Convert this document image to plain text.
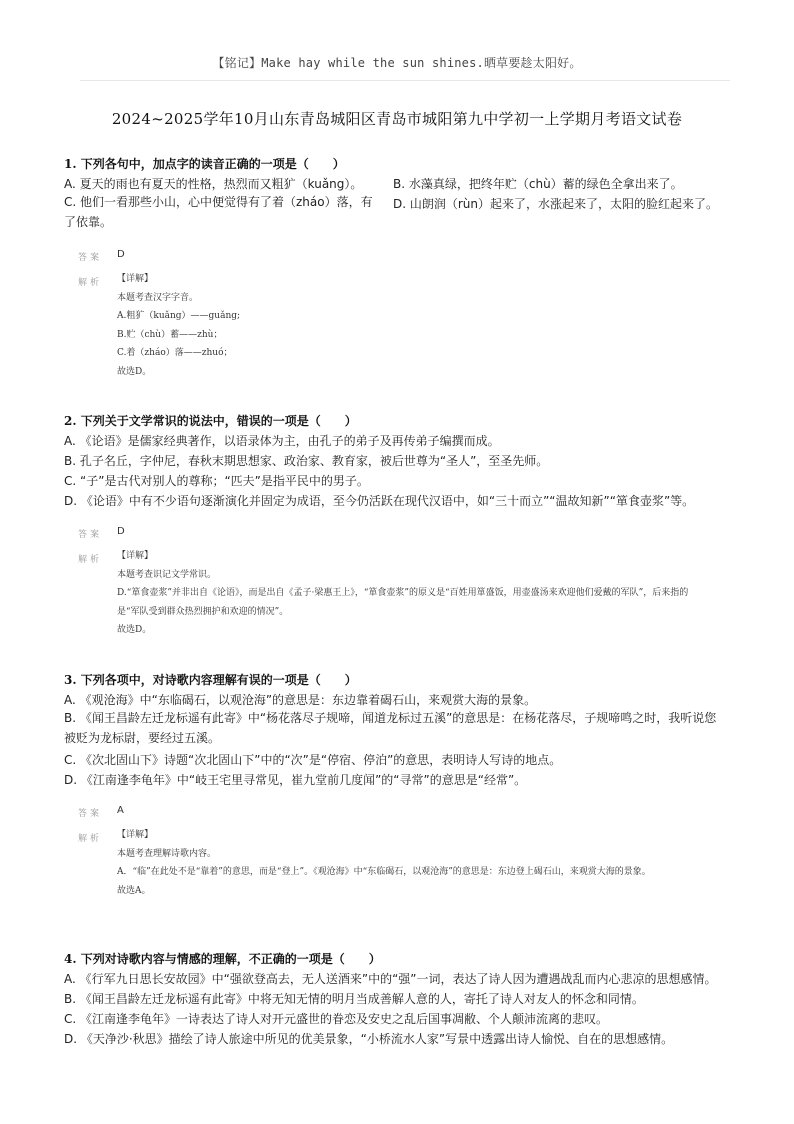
【铭记】Make hay while the sun shines.晒草要趁太阳好。
2024~2025学年10月山东青岛城阳区青岛市城阳第九中学初一上学期月考语文试卷
1. 下列各句中，加点字的读音正确的一项是（　　）
A. 夏天的雨也有夏天的性格，热烈而又粗犷（kuǎng）。	B. 水藻真绿，把终年贮（chù）蓄的绿色全拿出来了。
C. 他们一看那些小山，心中便觉得有了着（zháo）落，有了依靠。
D. 山朗润（rùn）起来了，水涨起来了，太阳的脸红起来了。
答案 D
解析 【详解】
本题考查汉字字音。
A.粗犷（kuǎng）——guǎng;
B.贮（chù）蓄——zhù；
C.着（zháo）落——zhuó；
故选D。
2. 下列关于文学常识的说法中，错误的一项是（　　）
A. 《论语》是儒家经典著作，以语录体为主，由孔子的弟子及再传弟子编撰而成。
B. 孔子名丘，字仲尼，春秋末期思想家、政治家、教育家，被后世尊为“圣人”，至圣先师。
C. “子”是古代对别人的尊称；“匹夫”是指平民中的男子。
D. 《论语》中有不少语句逐渐演化并固定为成语，至今仍活跃在现代汉语中，如“三十而立”“温故知新”“箪食壶浆”等。
答案 D
解析 【详解】
本题考查识记文学常识。
D.“箪食壶浆”并非出自《论语》，而是出自《孟子·梁惠王上》，“箪食壶浆”的原义是“百姓用箪盛饭，用壶盛汤来欢迎他们爱戴的军队”，后来指的是“军队受到群众热烈拥护和欢迎的情况”。
故选D。
3. 下列各项中，对诗歌内容理解有误的一项是（　　）
A. 《观沧海》中“东临碣石，以观沧海”的意思是：东边靠着碣石山，来观赏大海的景象。
B. 《闻王昌龄左迁龙标遥有此寄》中“杨花落尽子规啼，闻道龙标过五溪”的意思是：在杨花落尽，子规啼鸣之时，我听说您被贬为龙标尉，要经过五溪。
C. 《次北固山下》诗题“次北固山下”中的“次”是“停宿、停泊”的意思，表明诗人写诗的地点。
D. 《江南逢李龟年》中“岐王宅里寻常见，崔九堂前几度闻”的“寻常”的意思是“经常”。
答案 A
解析 【详解】
本题考查理解诗歌内容。
A．“临”在此处不是“靠着”的意思，而是“登上”。《观沧海》中“东临碣石，以观沧海”的意思是：东边登上碣石山，来观赏大海的景象。
故选A。
4. 下列对诗歌内容与情感的理解，不正确的一项是（　　）
A. 《行军九日思长安故园》中“强欲登高去，无人送酒来”中的“强”一词，表达了诗人因为遭遇战乱而内心悲凉的思想感情。
B. 《闻王昌龄左迁龙标遥有此寄》中将无知无情的明月当成善解人意的人，寄托了诗人对友人的怀念和同情。
C. 《江南逢李龟年》一诗表达了诗人对开元盛世的眷恋及安史之乱后国事凋敝、个人颠沛流离的悲叹。
D. 《天净沙·秋思》描绘了诗人旅途中所见的优美景象，“小桥流水人家”写景中透露出诗人愉悦、自在的思想感情。
